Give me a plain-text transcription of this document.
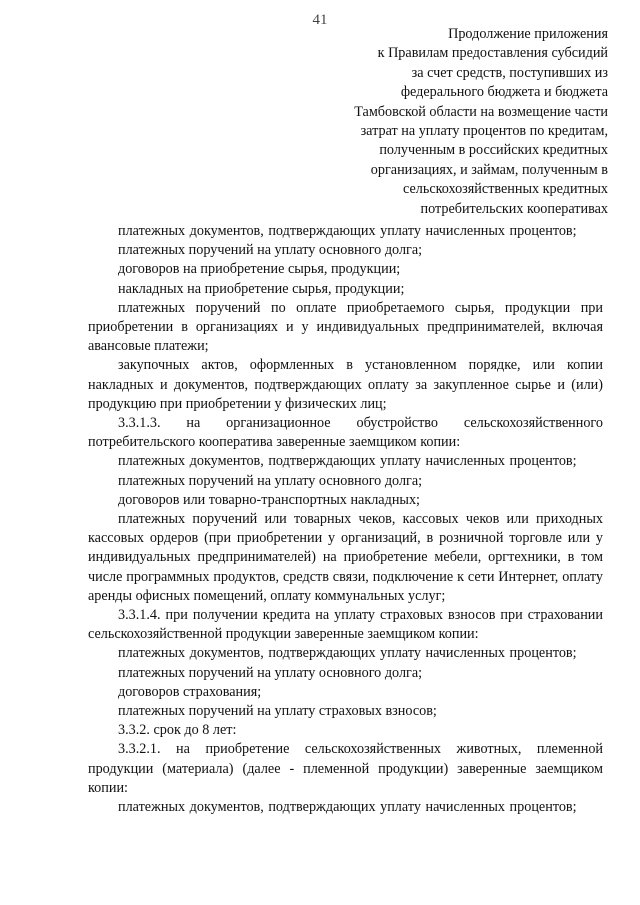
41
Продолжение приложения
к Правилам предоставления субсидий
за счет средств, поступивших из
федерального бюджета и бюджета
Тамбовской области на возмещение части
затрат на уплату процентов по кредитам,
полученным в российских кредитных
организациях, и займам, полученным в
сельскохозяйственных кредитных
потребительских кооперативах

платежных документов, подтверждающих уплату начисленных процентов;

платежных поручений на уплату основного долга;

договоров на приобретение сырья, продукции;

накладных на приобретение сырья, продукции;

платежных поручений по оплате приобретаемого сырья, продукции при приобретении в организациях и у индивидуальных предпринимателей, включая авансовые платежи;

закупочных актов, оформленных в установленном порядке, или копии накладных и документов, подтверждающих оплату за закупленное сырье и (или) продукцию при приобретении у физических лиц;

3.3.1.3. на организационное обустройство сельскохозяйственного потребительского кооператива заверенные заемщиком копии:

платежных документов, подтверждающих уплату начисленных процентов;

платежных поручений на уплату основного долга;

договоров или товарно-транспортных накладных;

платежных поручений или товарных чеков, кассовых чеков или приходных кассовых ордеров (при приобретении у организаций, в розничной торговле или у индивидуальных предпринимателей) на приобретение мебели, оргтехники, в том числе программных продуктов, средств связи, подключение к сети Интернет, оплату аренды офисных помещений, оплату коммунальных услуг;

3.3.1.4. при получении кредита на уплату страховых взносов при страховании сельскохозяйственной продукции заверенные заемщиком копии:

платежных документов, подтверждающих уплату начисленных процентов;

платежных поручений на уплату основного долга;

договоров страхования;

платежных поручений на уплату страховых взносов;

3.3.2. срок до 8 лет:

3.3.2.1. на приобретение сельскохозяйственных животных, племенной продукции (материала) (далее - племенной продукции) заверенные заемщиком копии:

платежных документов, подтверждающих уплату начисленных процентов;
